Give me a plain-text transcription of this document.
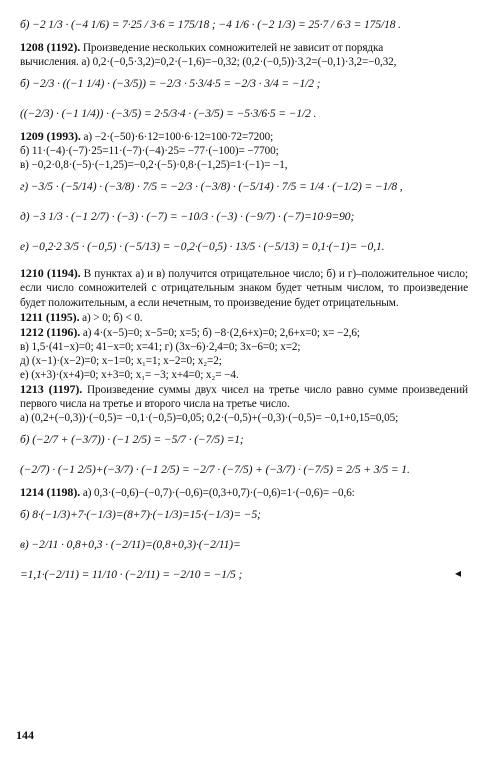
б) −2 1/3 · (−4 1/6) = 7·25 / 3·6 = 175/18 ; −4 1/6 · (−2 1/3) = 25·7 / 6·3 = 175/18 .
1208 (1192). Произведение нескольких сомножителей не зависит от порядка
вычисления. а) 0,2·(−0,5·3,2)=0,2·(−1,6)=−0,32; (0,2·(−0,5))·3,2=(−0,1)·3,2=−0,32,
б) −2/3 · ((−1 1/4) · (−3/5)) = −2/3 · 5·3/4·5 = −2/3 · 3/4 = −1/2 ;
((−2/3) · (−1 1/4)) · (−3/5) = 2·5/3·4 · (−3/5) = −5·3/6·5 = −1/2 .
1209 (1993). а) −2·(−50)·6·12=100·6·12=100·72=7200;
б) 11·(−4)·(−7)·25=11·(−7)·(−4)·25= −77·(−100)= −7700;
в) −0,2·0,8·(−5)·(−1,25)=−0,2·(−5)·0,8·(−1,25)=1·(−1)= −1,
г) −3/5 · (−5/14) · (−3/8) · 7/5 = −2/3 · (−3/8) · (−5/14) · 7/5 = 1/4 · (−1/2) = −1/8 ,
д) −3 1/3 · (−1 2/7) · (−3) · (−7) = −10/3 · (−3) · (−9/7) · (−7)=10·9=90;
е) −0,2·2 3/5 · (−0,5) · (−5/13) = −0,2·(−0,5) · 13/5 · (−5/13) = 0,1·(−1)= −0,1.
1210 (1194). В пунктах а) и в) получится отрицательное число; б) и г)–положительное число; если число сомножителей с отрицательным знаком будет четным числом, то произведение будет положительным, а если нечетным, то произведение будет отрицательным.
1211 (1195). а) > 0; б) < 0.
1212 (1196). а) 4·(x−5)=0; x−5=0; x=5; б) −8·(2,6+x)=0; 2,6+x=0; x= −2,6;
в) 1,5·(41−x)=0; 41−x=0; x=41; г) (3x−6)·2,4=0; 3x−6=0; x=2;
д) (x−1)·(x−2)=0; x−1=0; x₁=1; x−2=0; x₂=2;
е) (x+3)·(x+4)=0; x+3=0; x₁= −3; x+4=0; x₂= −4.
1213 (1197). Произведение суммы двух чисел на третье число равно сумме произведений первого числа на третье и второго числа на третье число.
а) (0,2+(−0,3))·(−0,5)= −0,1·(−0,5)=0,05; 0,2·(−0,5)+(−0,3)·(−0,5)= −0,1+0,15=0,05;
б) (−2/7 + (−3/7)) · (−1 2/5) = −5/7 · (−7/5) =1;
(−2/7) · (−1 2/5)+(−3/7) · (−1 2/5) = −2/7 · (−7/5) + (−3/7) · (−7/5) = 2/5 + 3/5 = 1.
1214 (1198). а) 0,3·(−0,6)−(−0,7)·(−0,6)=(0,3+0,7)·(−0,6)=1·(−0,6)= −0,6:
б) 8·(−1/3)+7·(−1/3)=(8+7)·(−1/3)=15·(−1/3)= −5;
в) −2/11 · 0,8+0,3 · (−2/11)=(0,8+0,3)·(−2/11)=
=1,1·(−2/11) = 11/10 · (−2/11) = −2/10 = −1/5 ;	◂
144
